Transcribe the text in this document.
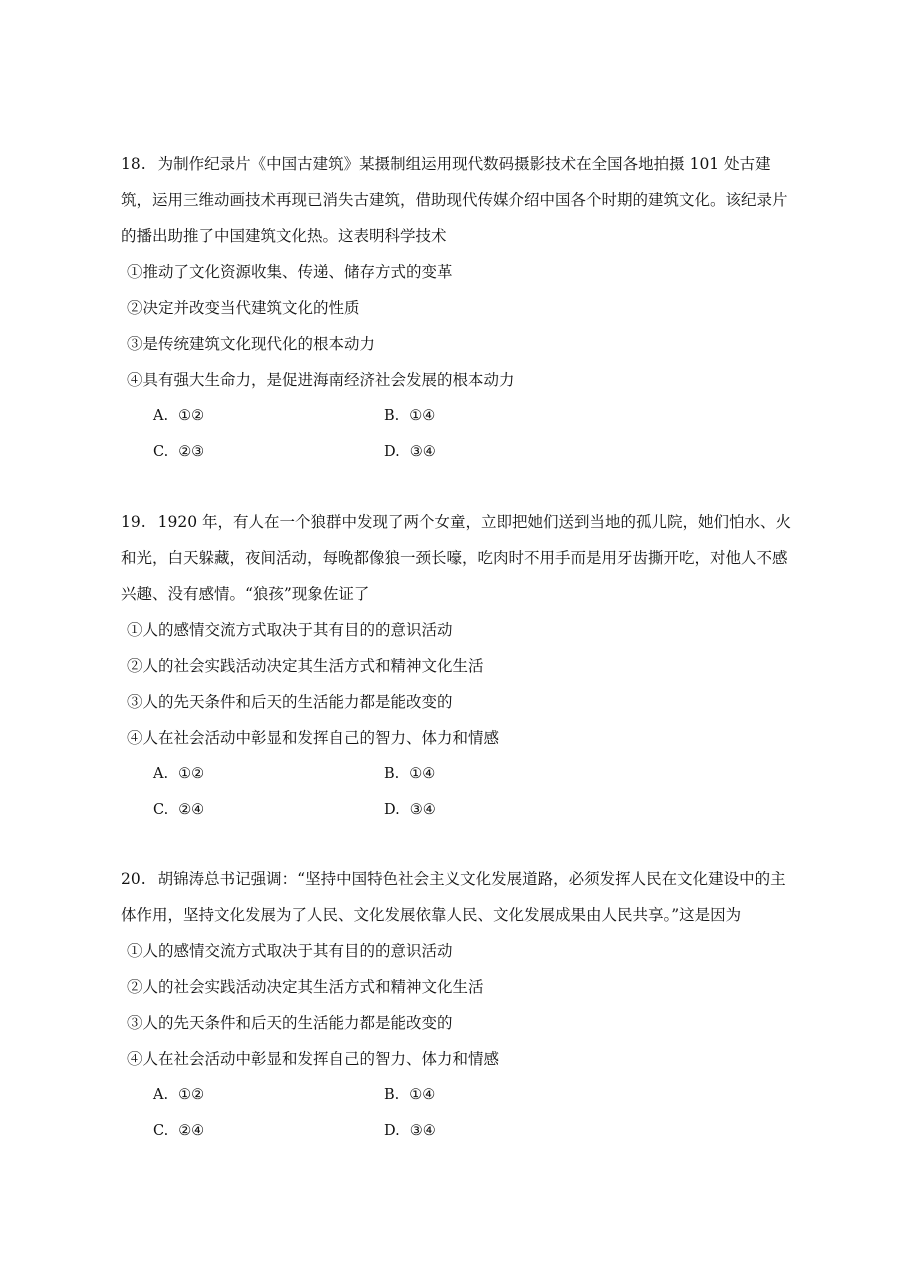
18. 为制作纪录片《中国古建筑》某摄制组运用现代数码摄影技术在全国各地拍摄 101 处古建筑，运用三维动画技术再现已消失古建筑，借助现代传媒介绍中国各个时期的建筑文化。该纪录片的播出助推了中国建筑文化热。这表明科学技术

①推动了文化资源收集、传递、储存方式的变革

②决定并改变当代建筑文化的性质

③是传统建筑文化现代化的根本动力

④具有强大生命力，是促进海南经济社会发展的根本动力

A. ①②	B. ①④
C. ②③	D. ③④

19. 1920 年，有人在一个狼群中发现了两个女童，立即把她们送到当地的孤儿院，她们怕水、火和光，白天躲藏，夜间活动，每晚都像狼一颈长嚎，吃肉时不用手而是用牙齿撕开吃，对他人不感兴趣、没有感情。“狼孩”现象佐证了

①人的感情交流方式取决于其有目的的意识活动

②人的社会实践活动决定其生活方式和精神文化生活

③人的先天条件和后天的生活能力都是能改变的

④人在社会活动中彰显和发挥自己的智力、体力和情感

A. ①②	B. ①④
C. ②④	D. ③④

20. 胡锦涛总书记强调：“坚持中国特色社会主义文化发展道路，必须发挥人民在文化建设中的主体作用，坚持文化发展为了人民、文化发展依靠人民、文化发展成果由人民共享。”这是因为

①人的感情交流方式取决于其有目的的意识活动

②人的社会实践活动决定其生活方式和精神文化生活

③人的先天条件和后天的生活能力都是能改变的

④人在社会活动中彰显和发挥自己的智力、体力和情感

A. ①②	B. ①④
C. ②④	D. ③④
